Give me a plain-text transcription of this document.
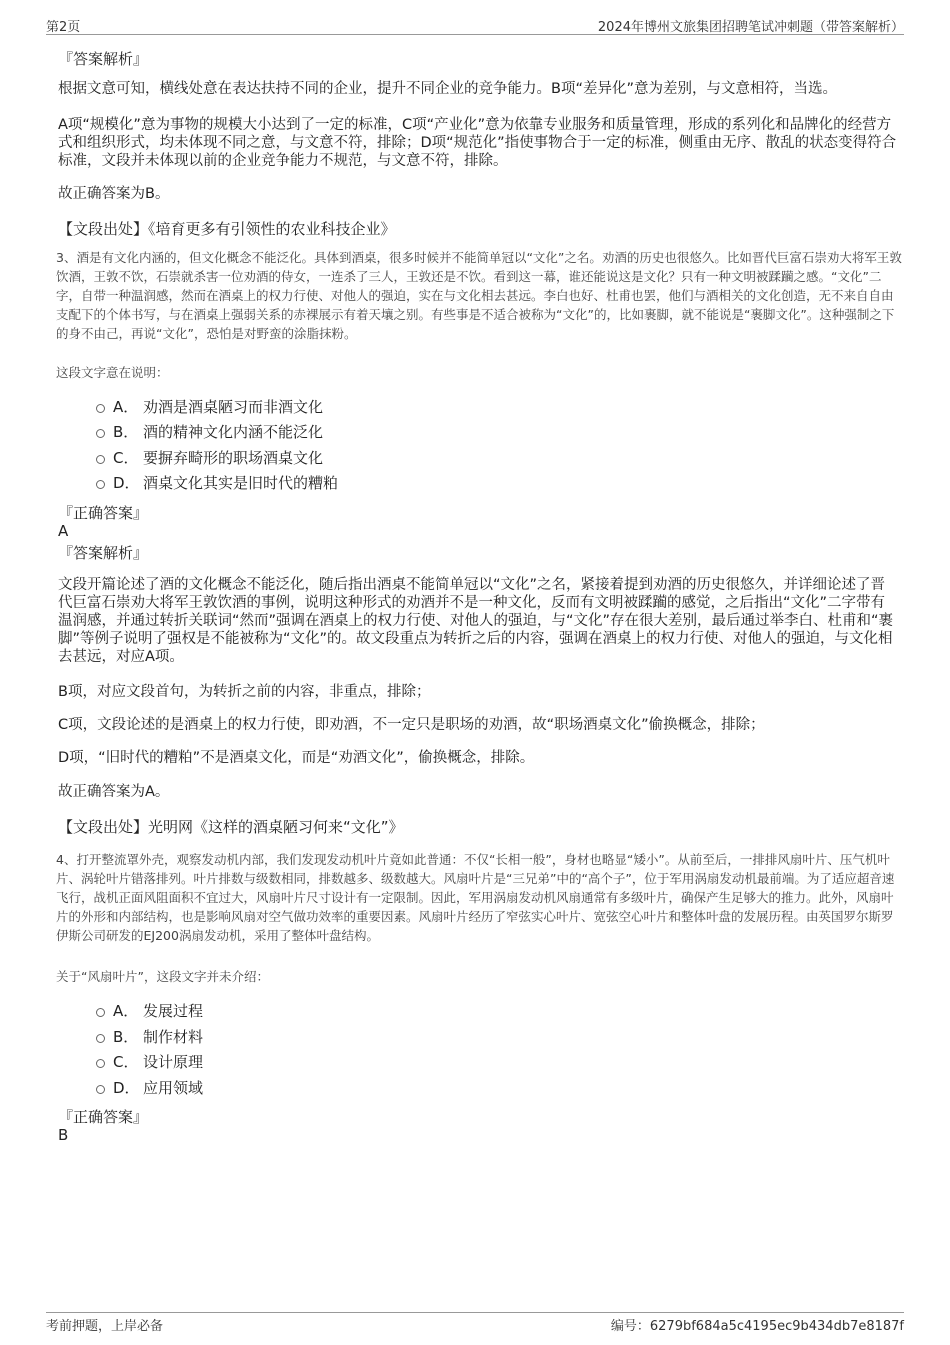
第2页	2024年博州文旅集团招聘笔试冲刺题（带答案解析）
『答案解析』
根据文意可知，横线处意在表达扶持不同的企业，提升不同企业的竞争能力。B项“差异化”意为差别，与文意相符，当选。
A项“规模化”意为事物的规模大小达到了一定的标准，C项“产业化”意为依靠专业服务和质量管理，形成的系列化和品牌化的经营方式和组织形式，均未体现不同之意，与文意不符，排除；D项“规范化”指使事物合于一定的标准，侧重由无序、散乱的状态变得符合标准，文段并未体现以前的企业竞争能力不规范，与文意不符，排除。
故正确答案为B。
【文段出处】《培育更多有引领性的农业科技企业》
3、酒是有文化内涵的，但文化概念不能泛化。具体到酒桌，很多时候并不能简单冠以“文化”之名。劝酒的历史也很悠久。比如晋代巨富石崇劝大将军王敦饮酒，王敦不饮，石崇就杀害一位劝酒的侍女，一连杀了三人，王敦还是不饮。看到这一幕，谁还能说这是文化？只有一种文明被蹂躏之感。“文化”二字，自带一种温润感，然而在酒桌上的权力行使、对他人的强迫，实在与文化相去甚远。李白也好、杜甫也罢，他们与酒相关的文化创造，无不来自自由支配下的个体书写，与在酒桌上强弱关系的赤裸展示有着天壤之别。有些事是不适合被称为“文化”的，比如裹脚，就不能说是“裹脚文化”。这种强制之下的身不由己，再说“文化”，恐怕是对野蛮的涂脂抹粉。
这段文字意在说明：
A． 劝酒是酒桌陋习而非酒文化
B． 酒的精神文化内涵不能泛化
C． 要摒弃畸形的职场酒桌文化
D． 酒桌文化其实是旧时代的糟粕
『正确答案』
A
『答案解析』
文段开篇论述了酒的文化概念不能泛化，随后指出酒桌不能简单冠以“文化”之名，紧接着提到劝酒的历史很悠久，并详细论述了晋代巨富石崇劝大将军王敦饮酒的事例，说明这种形式的劝酒并不是一种文化，反而有文明被蹂躏的感觉，之后指出“文化”二字带有温润感，并通过转折关联词“然而”强调在酒桌上的权力行使、对他人的强迫，与“文化”存在很大差别，最后通过举李白、杜甫和“裹脚”等例子说明了强权是不能被称为“文化”的。故文段重点为转折之后的内容，强调在酒桌上的权力行使、对他人的强迫，与文化相去甚远，对应A项。
B项，对应文段首句，为转折之前的内容，非重点，排除；
C项，文段论述的是酒桌上的权力行使，即劝酒，不一定只是职场的劝酒，故“职场酒桌文化”偷换概念，排除；
D项，“旧时代的糟粕”不是酒桌文化，而是“劝酒文化”，偷换概念，排除。
故正确答案为A。
【文段出处】光明网《这样的酒桌陋习何来“文化”》
4、打开整流罩外壳，观察发动机内部，我们发现发动机叶片竟如此普通：不仅“长相一般”，身材也略显“矮小”。从前至后，一排排风扇叶片、压气机叶片、涡轮叶片错落排列。叶片排数与级数相同，排数越多、级数越大。风扇叶片是“三兄弟”中的“高个子”，位于军用涡扇发动机最前端。为了适应超音速飞行，战机正面风阻面积不宜过大，风扇叶片尺寸设计有一定限制。因此，军用涡扇发动机风扇通常有多级叶片，确保产生足够大的推力。此外，风扇叶片的外形和内部结构，也是影响风扇对空气做功效率的重要因素。风扇叶片经历了窄弦实心叶片、宽弦空心叶片和整体叶盘的发展历程。由英国罗尔斯罗伊斯公司研发的EJ200涡扇发动机，采用了整体叶盘结构。
关于“风扇叶片”，这段文字并未介绍：
A． 发展过程
B． 制作材料
C． 设计原理
D． 应用领域
『正确答案』
B
考前押题，上岸必备	编号：6279bf684a5c4195ec9b434db7e8187f
